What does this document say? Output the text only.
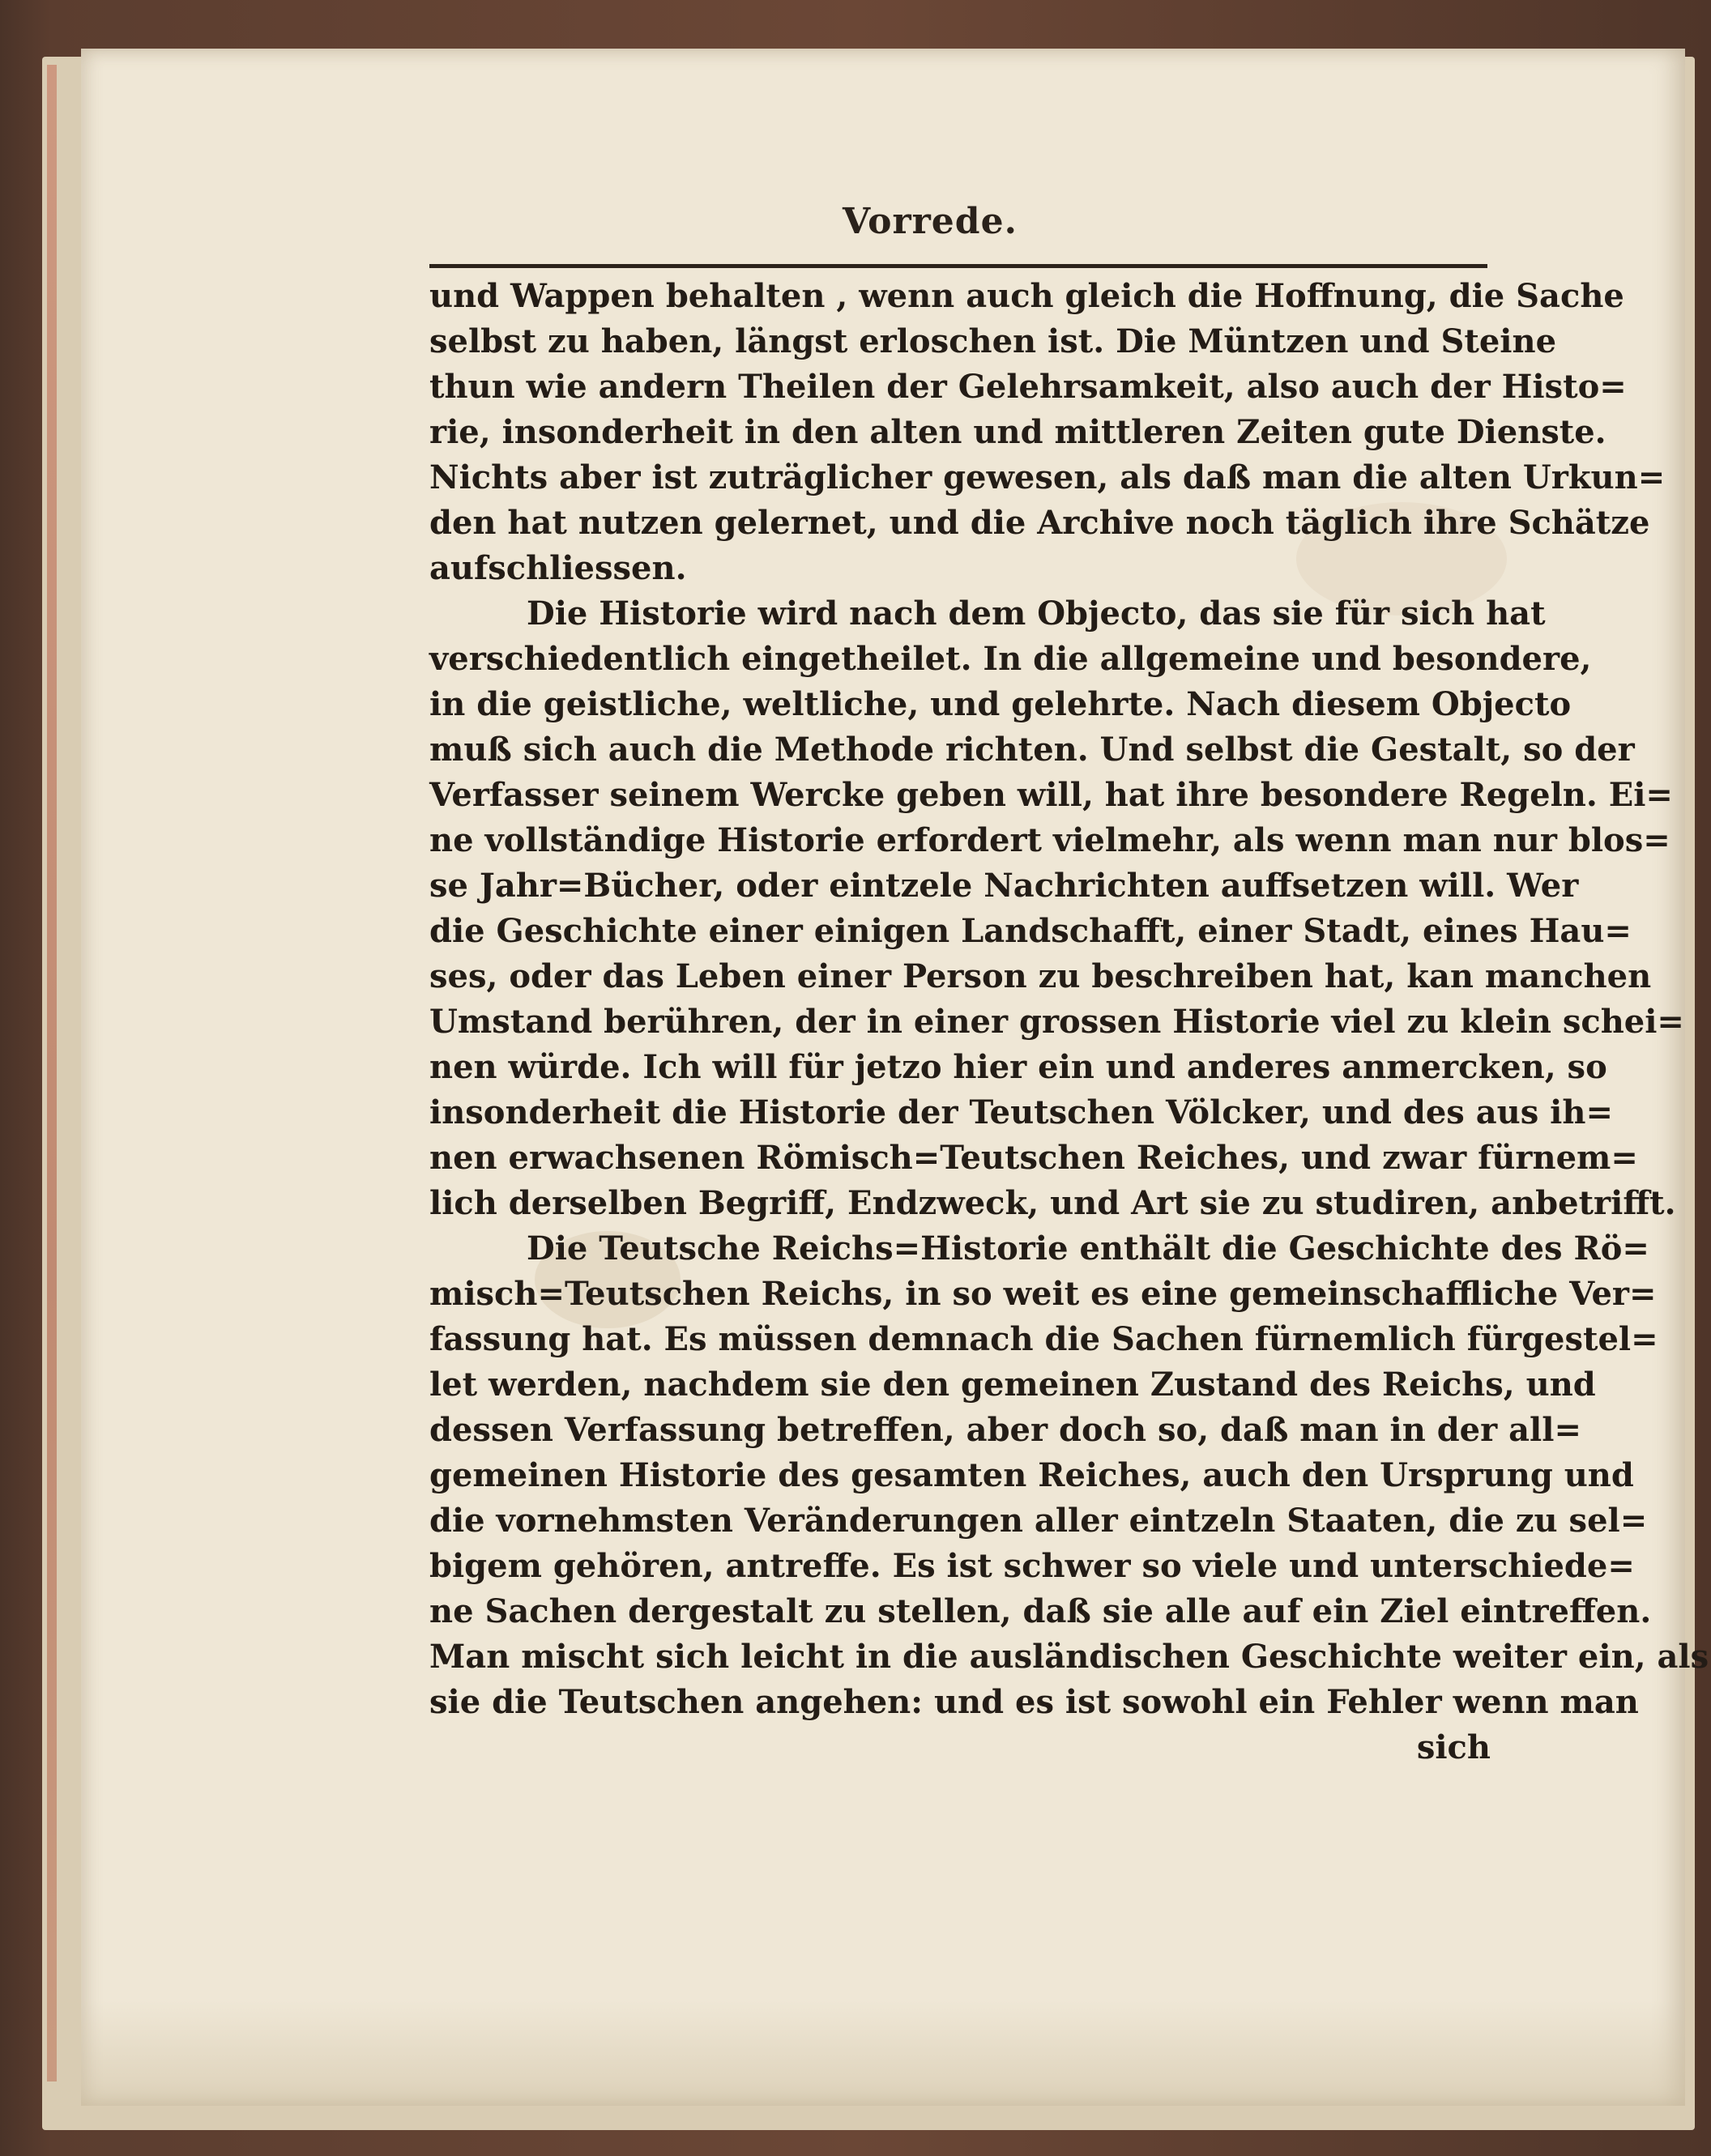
Vorrede.
und Wappen behalten , wenn auch gleich die Hoffnung, die Sache
selbst zu haben, längst erloschen ist. Die Müntzen und Steine
thun wie andern Theilen der Gelehrsamkeit, also auch der Histo=
rie, insonderheit in den alten und mittleren Zeiten gute Dienste.
Nichts aber ist zuträglicher gewesen, als daß man die alten Urkun=
den hat nutzen gelernet, und die Archive noch täglich ihre Schätze
aufschliessen.
Die Historie wird nach dem Objecto, das sie für sich hat
verschiedentlich eingetheilet. In die allgemeine und besondere,
in die geistliche, weltliche, und gelehrte. Nach diesem Objecto
muß sich auch die Methode richten. Und selbst die Gestalt, so der
Verfasser seinem Wercke geben will, hat ihre besondere Regeln. Ei=
ne vollständige Historie erfordert vielmehr, als wenn man nur blos=
se Jahr=Bücher, oder eintzele Nachrichten auffsetzen will. Wer
die Geschichte einer einigen Landschafft, einer Stadt, eines Hau=
ses, oder das Leben einer Person zu beschreiben hat, kan manchen
Umstand berühren, der in einer grossen Historie viel zu klein schei=
nen würde. Ich will für jetzo hier ein und anderes anmercken, so
insonderheit die Historie der Teutschen Völcker, und des aus ih=
nen erwachsenen Römisch=Teutschen Reiches, und zwar fürnem=
lich derselben Begriff, Endzweck, und Art sie zu studiren, anbetrifft.
Die Teutsche Reichs=Historie enthält die Geschichte des Rö=
misch=Teutschen Reichs, in so weit es eine gemeinschaffliche Ver=
fassung hat. Es müssen demnach die Sachen fürnemlich fürgestel=
let werden, nachdem sie den gemeinen Zustand des Reichs, und
dessen Verfassung betreffen, aber doch so, daß man in der all=
gemeinen Historie des gesamten Reiches, auch den Ursprung und
die vornehmsten Veränderungen aller eintzeln Staaten, die zu sel=
bigem gehören, antreffe. Es ist schwer so viele und unterschiede=
ne Sachen dergestalt zu stellen, daß sie alle auf ein Ziel eintreffen.
Man mischt sich leicht in die ausländischen Geschichte weiter ein, als
sie die Teutschen angehen: und es ist sowohl ein Fehler wenn man
sich
